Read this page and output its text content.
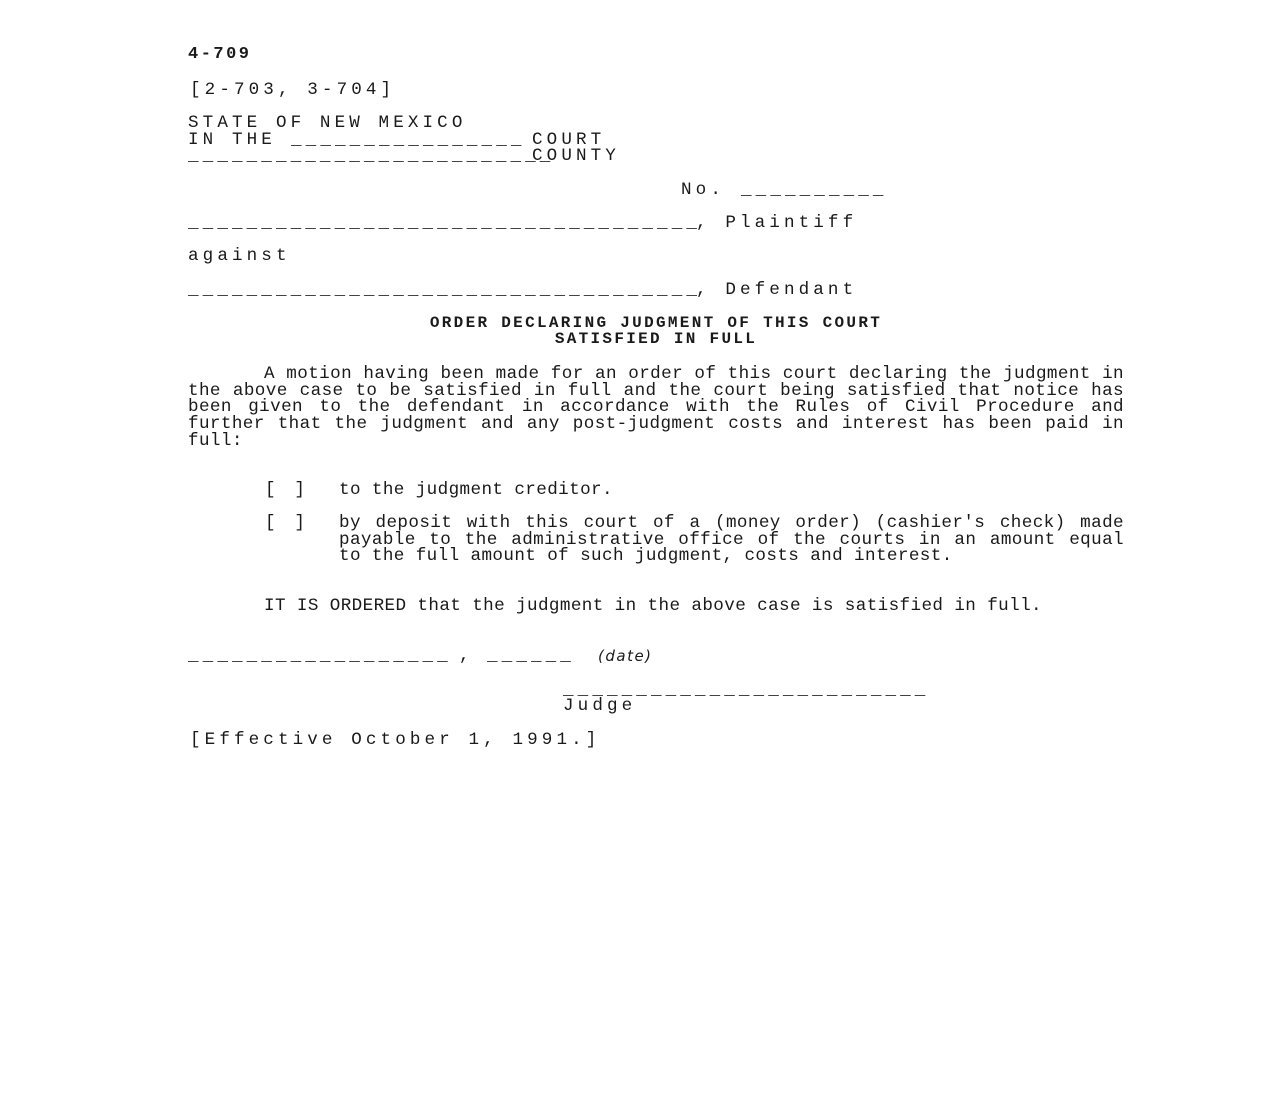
4-709
[2-703, 3-704]
STATE OF NEW MEXICO
IN THE ________________ COURT
_________________________
COUNTY
No. __________
___________________________________
, Plaintiff
against
___________________________________
, Defendant
ORDER DECLARING JUDGMENT OF THIS COURT
SATISFIED IN FULL
A motion having been made for an order of this court declaring the judgment in the above case to be satisfied in full and the court being satisfied that notice has been given to the defendant in accordance with the Rules of Civil Procedure and further that the judgment and any post-judgment costs and interest has been paid in full:
[ ] to the judgment creditor.
[ ] by deposit with this court of a (money order) (cashier's check) made payable to the administrative office of the courts in an amount equal to the full amount of such judgment, costs and interest.
IT IS ORDERED that the judgment in the above case is satisfied in full.
__________________ , ______ (date)
_________________________
Judge
[Effective October 1, 1991.]
